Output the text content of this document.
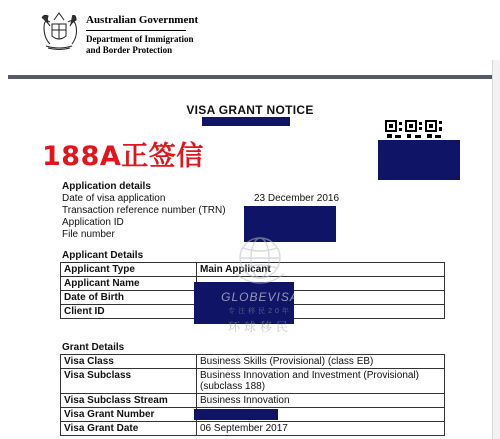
Australian Government
Department of Immigration
and Border Protection
VISA GRANT NOTICE
188A正签信
Application details
Date of visa application	23 December 2016
Transaction reference number (TRN)
Application ID
File number
Applicant Details
Applicant Type	Main Applicant
Applicant Name	
Date of Birth	
Client ID	
Grant Details
Visa Class	Business Skills (Provisional) (class EB)
Visa Subclass	Business Innovation and Investment (Provisional) (subclass 188)
Visa Subclass Stream	Business Innovation
Visa Grant Number	
Visa Grant Date	06 September 2017
GLOBEVISA
专注移民20年
环球移民
